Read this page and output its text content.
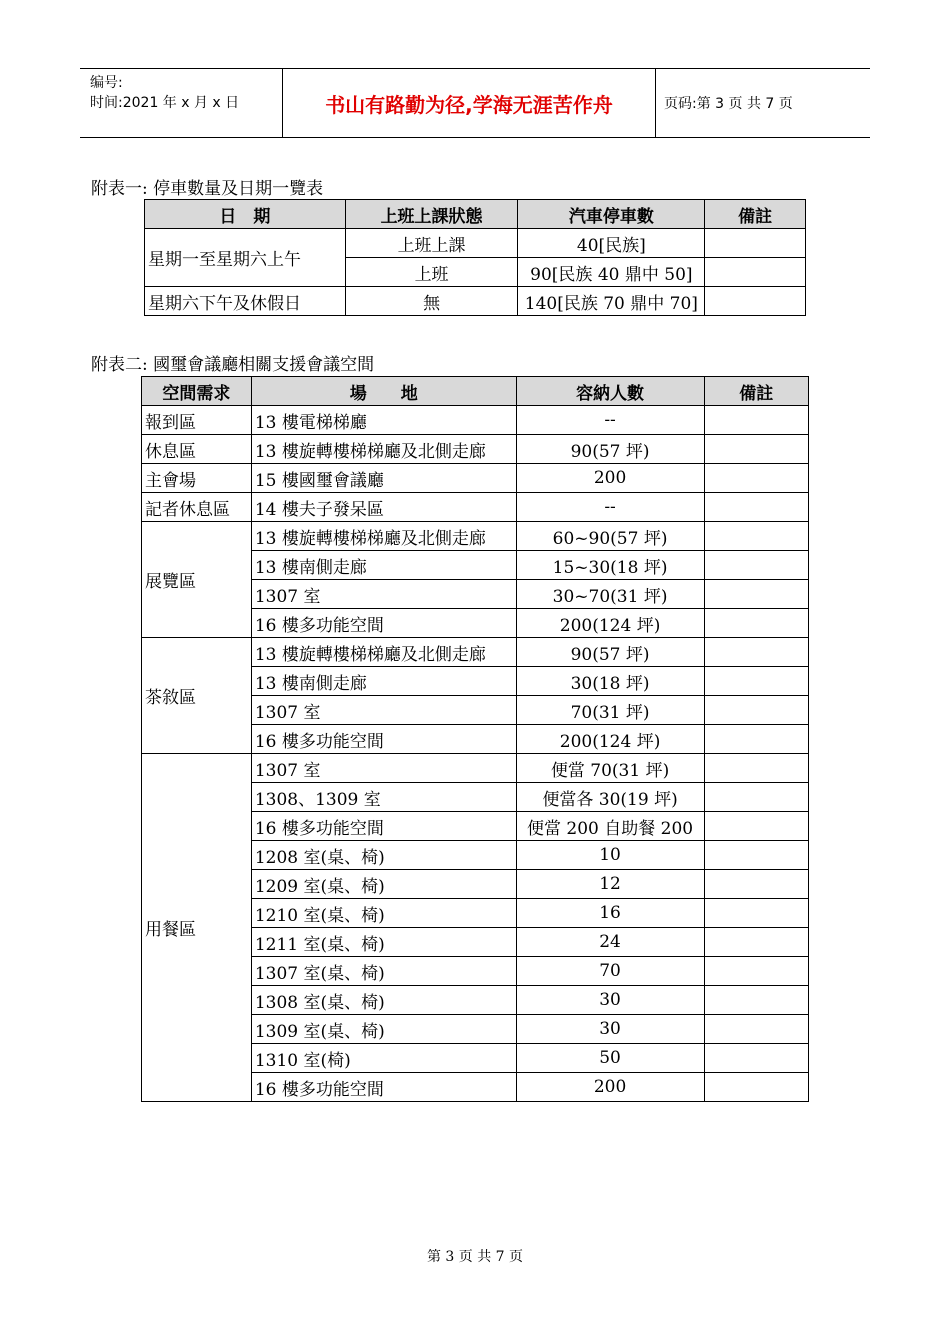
编号:
时间:2021 年 x 月 x 日	书山有路勤为径,学海无涯苦作舟	页码:第 3 页 共 7 页
附表一: 停車數量及日期一覽表
日　期	上班上課狀態	汽車停車數	備註
星期一至星期六上午	上班上課	40[民族]	
	上班	90[民族 40 鼎中 50]	
星期六下午及休假日	無	140[民族 70 鼎中 70]	
附表二: 國璽會議廳相關支援會議空間
空間需求	場　　地	容納人數	備註
報到區	13 樓電梯梯廳	--	
休息區	13 樓旋轉樓梯梯廳及北側走廊	90(57 坪)	
主會場	15 樓國璽會議廳	200	
記者休息區	14 樓夫子發呆區	--	
展覽區	13 樓旋轉樓梯梯廳及北側走廊	60~90(57 坪)	
	13 樓南側走廊	15~30(18 坪)	
	1307 室	30~70(31 坪)	
	16 樓多功能空間	200(124 坪)	
茶敘區	13 樓旋轉樓梯梯廳及北側走廊	90(57 坪)	
	13 樓南側走廊	30(18 坪)	
	1307 室	70(31 坪)	
	16 樓多功能空間	200(124 坪)	
用餐區	1307 室	便當 70(31 坪)	
	1308、1309 室	便當各 30(19 坪)	
	16 樓多功能空間	便當 200 自助餐 200	
	1208 室(桌、椅)	10	
	1209 室(桌、椅)	12	
	1210 室(桌、椅)	16	
	1211 室(桌、椅)	24	
	1307 室(桌、椅)	70	
	1308 室(桌、椅)	30	
	1309 室(桌、椅)	30	
	1310 室(椅)	50	
	16 樓多功能空間	200	
第 3 页 共 7 页
